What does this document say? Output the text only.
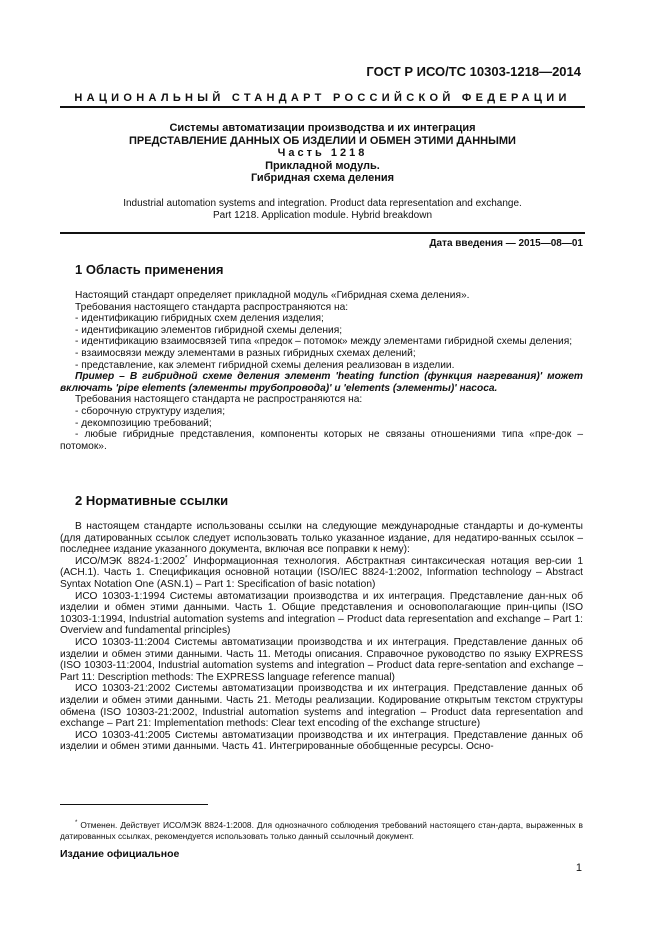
ГОСТ Р ИСО/ТС 10303-1218—2014
НАЦИОНАЛЬНЫЙ СТАНДАРТ РОССИЙСКОЙ ФЕДЕРАЦИИ
Системы автоматизации производства и их интеграция
ПРЕДСТАВЛЕНИЕ ДАННЫХ ОБ ИЗДЕЛИИ И ОБМЕН ЭТИМИ ДАННЫМИ
Часть 1218
Прикладной модуль.
Гибридная схема деления
Industrial automation systems and integration. Product data representation and exchange.
Part 1218. Application module. Hybrid breakdown
Дата введения — 2015—08—01
1 Область применения

Настоящий стандарт определяет прикладной модуль «Гибридная схема деления».

Требования настоящего стандарта распространяются на:

- идентификацию гибридных схем деления изделия;

- идентификацию элементов гибридной схемы деления;

- идентификацию взаимосвязей типа «предок – потомок» между элементами гибридной схемы деления;

- взаимосвязи между элементами в разных гибридных схемах делений;

- представление, как элемент гибридной схемы деления реализован в изделии.

Пример – В гибридной схеме деления элемент 'heating function (функция нагревания)' может включать 'pipe elements (элементы трубопровода)' и 'elements (элементы)' насоса.

Требования настоящего стандарта не распространяются на:

- сборочную структуру изделия;

- декомпозицию требований;

- любые гибридные представления, компоненты которых не связаны отношениями типа «пре-док – потомок».

2 Нормативные ссылки

В настоящем стандарте использованы ссылки на следующие международные стандарты и до-кументы (для датированных ссылок следует использовать только указанное издание, для недатиро-ванных ссылок – последнее издание указанного документа, включая все поправки к нему):

ИСО/МЭК 8824-1:2002* Информационная технология. Абстрактная синтаксическая нотация вер-сии 1 (АСН.1). Часть 1. Спецификация основной нотации (ISO/IEC 8824-1:2002, Information technology – Abstract Syntax Notation One (ASN.1) – Part 1: Specification of basic notation)

ИСО 10303-1:1994 Системы автоматизации производства и их интеграция. Представление дан-ных об изделии и обмен этими данными. Часть 1. Общие представления и основополагающие прин-ципы (ISO 10303-1:1994, Industrial automation systems and integration – Product data representation and exchange – Part 1: Overview and fundamental principles)

ИСО 10303-11:2004 Системы автоматизации производства и их интеграция. Представление данных об изделии и обмен этими данными. Часть 11. Методы описания. Справочное руководство по языку EXPRESS (ISO 10303-11:2004, Industrial automation systems and integration – Product data repre-sentation and exchange – Part 11: Description methods: The EXPRESS language reference manual)

ИСО 10303-21:2002 Системы автоматизации производства и их интеграция. Представление данных об изделии и обмен этими данными. Часть 21. Методы реализации. Кодирование открытым текстом структуры обмена (ISO 10303-21:2002, Industrial automation systems and integration – Product data representation and exchange – Part 21: Implementation methods: Clear text encoding of the exchange structure)

ИСО 10303-41:2005 Системы автоматизации производства и их интеграция. Представление данных об изделии и обмен этими данными. Часть 41. Интегрированные обобщенные ресурсы. Осно-

* Отменен. Действует ИСО/МЭК 8824-1:2008. Для однозначного соблюдения требований настоящего стан-дарта, выраженных в датированных ссылках, рекомендуется использовать только данный ссылочный документ.
Издание официальное
1
